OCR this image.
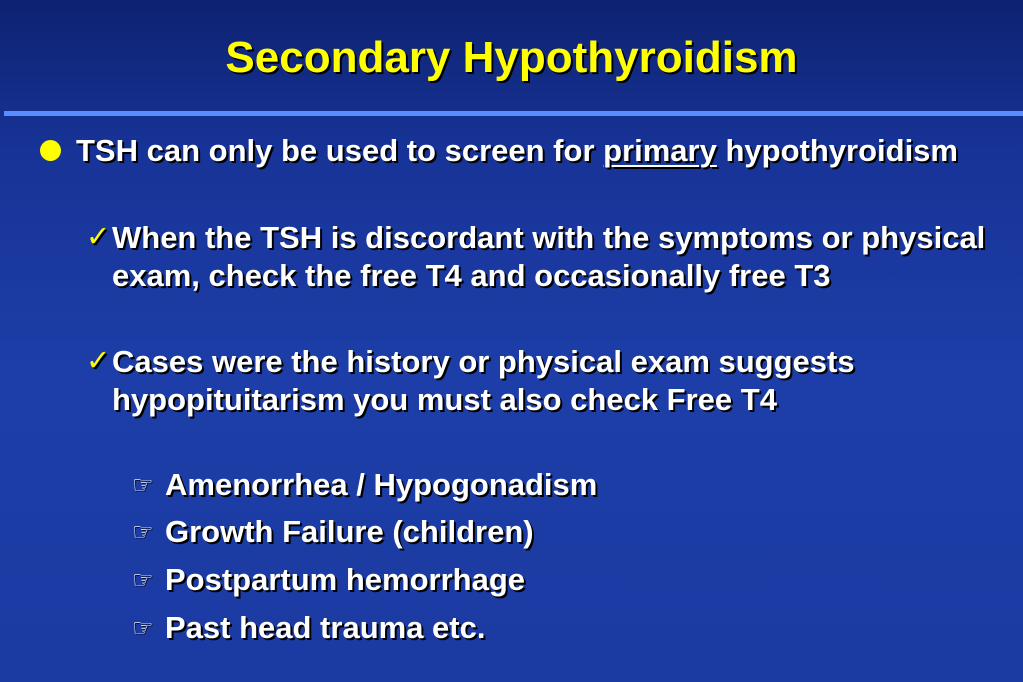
Secondary Hypothyroidism
TSH can only be used to screen for primary hypothyroidism
✓ When the TSH is discordant with the symptoms or physical exam, check the free T4 and occasionally free T3
✓ Cases were the history or physical exam suggests hypopituitarism you must also check Free T4
☞ Amenorrhea / Hypogonadism
☞ Growth Failure (children)
☞ Postpartum hemorrhage
☞ Past head trauma etc.
